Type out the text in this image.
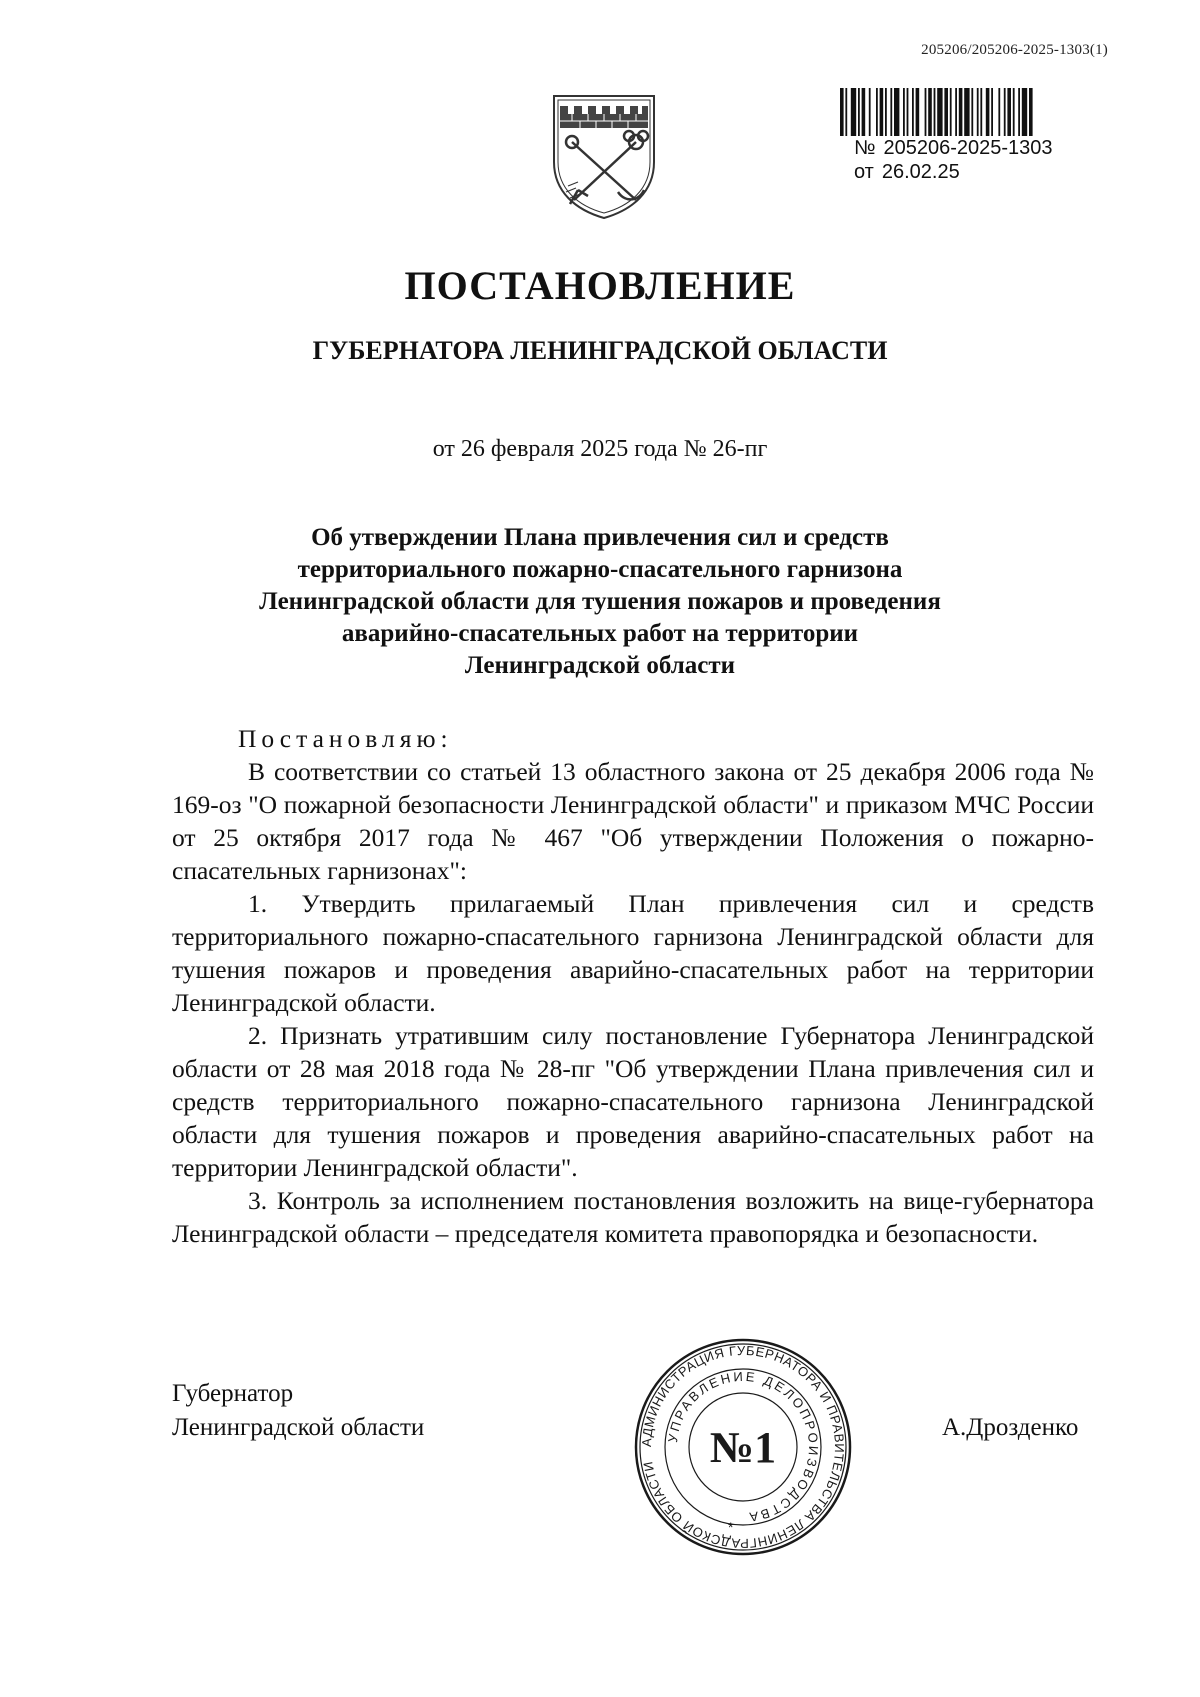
205206/205206-2025-1303(1)
№ 205206-2025-1303
от 26.02.25
ПОСТАНОВЛЕНИЕ
ГУБЕРНАТОРА ЛЕНИНГРАДСКОЙ ОБЛАСТИ
от 26 февраля 2025 года № 26-пг
Об утверждении Плана привлечения сил и средств
территориального пожарно-спасательного гарнизона
Ленинградской области для тушения пожаров и проведения
аварийно-спасательных работ на территории
Ленинградской области

Постановляю:

В соответствии со статьей 13 областного закона от 25 декабря 2006 года № 169-оз "О пожарной безопасности Ленинградской области" и приказом МЧС России от 25 октября 2017 года № 467 "Об утверждении Положения о пожарно-спасательных гарнизонах":

1. Утвердить прилагаемый План привлечения сил и средств территориального пожарно-спасательного гарнизона Ленинградской области для тушения пожаров и проведения аварийно-спасательных работ на территории Ленинградской области.

2. Признать утратившим силу постановление Губернатора Ленинградской области от 28 мая 2018 года № 28-пг "Об утверждении Плана привлечения сил и средств территориального пожарно-спасательного гарнизона Ленинградской области для тушения пожаров и проведения аварийно-спасательных работ на территории Ленинградской области".

3. Контроль за исполнением постановления возложить на вице-губернатора Ленинградской области – председателя комитета правопорядка и безопасности.

Губернатор
Ленинградской области
АДМИНИСТРАЦИЯ ГУБЕРНАТОРА И ПРАВИТЕЛЬСТВА ЛЕНИНГРАДСКОЙ ОБЛАСТИ
УПРАВЛЕНИЕ ДЕЛОПРОИЗВОДСТВА
№1
*
А.Дрозденко
